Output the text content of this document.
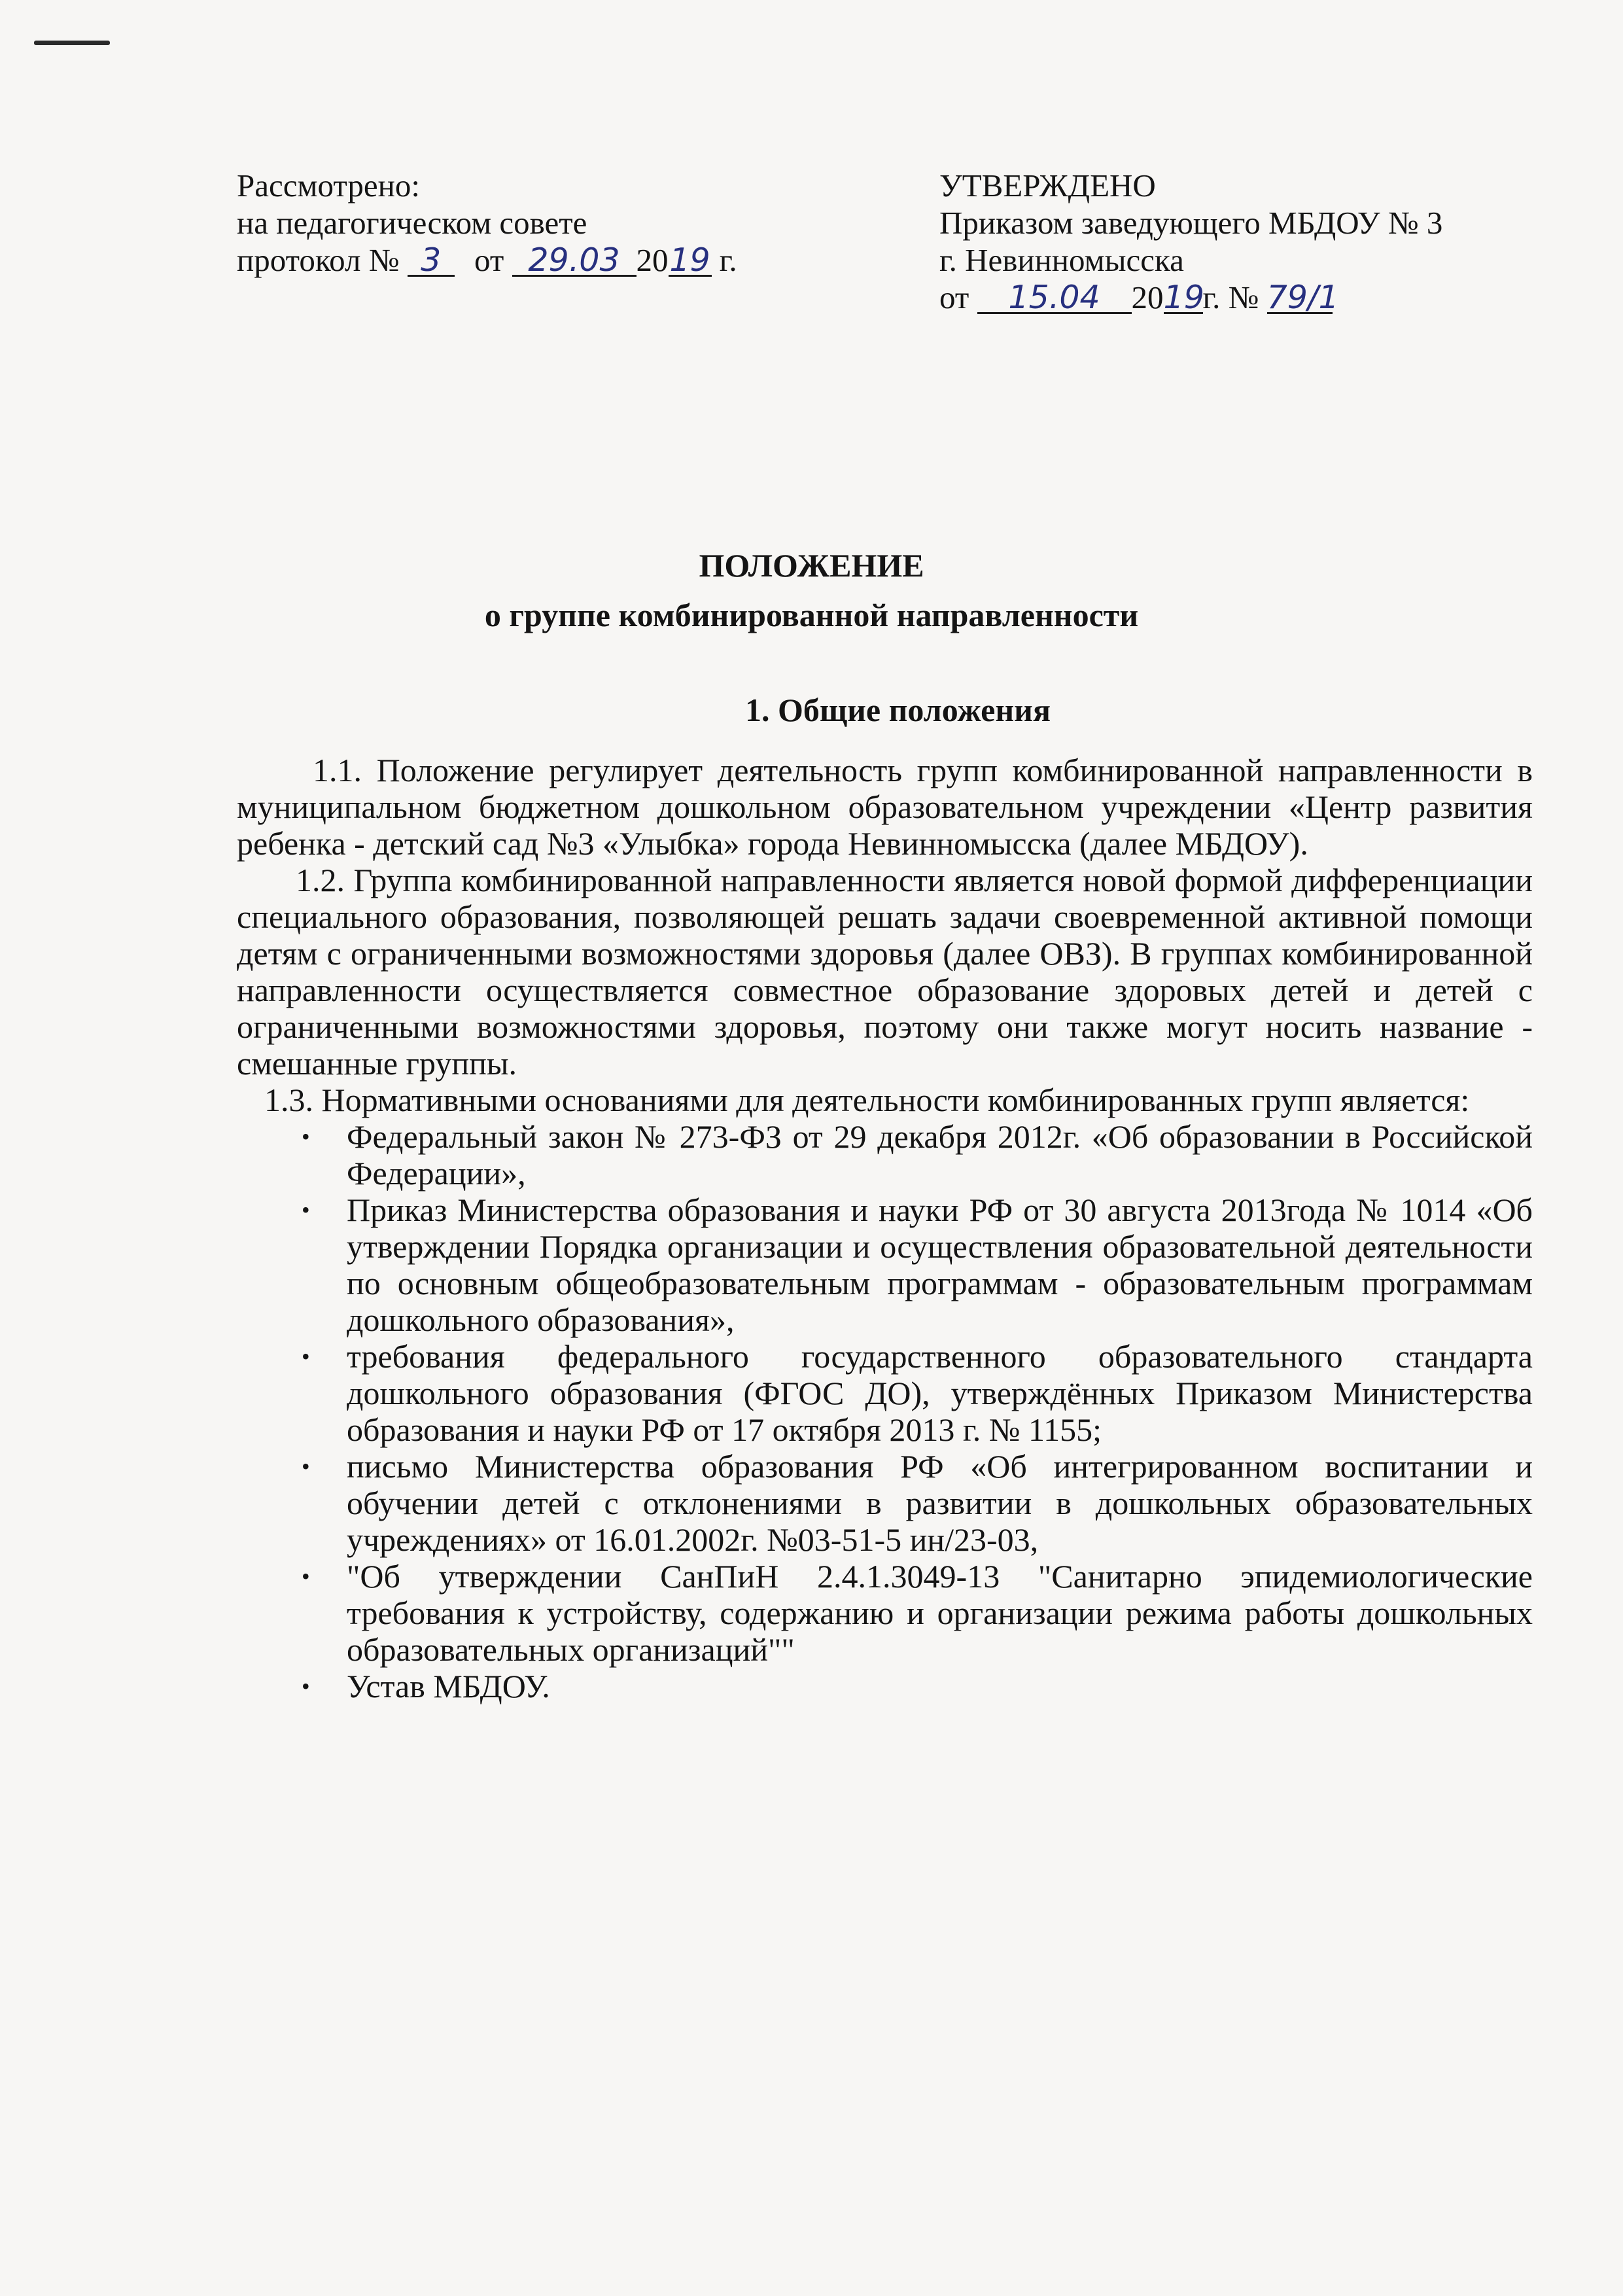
Рассмотрено:
на педагогическом совете
протокол № 3 от 29.03 2019 г.
УТВЕРЖДЕНО
Приказом заведующего МБДОУ № 3
г. Невинномысска
от 15.04 2019г. № 79/1
ПОЛОЖЕНИЕ
о группе комбинированной направленности

1. Общие положения

1.1. Положение регулирует деятельность групп комбинированной направленности в муниципальном бюджетном дошкольном образовательном учреждении «Центр развития ребенка - детский сад №3 «Улыбка» города Невинномысска (далее МБДОУ).

1.2. Группа комбинированной направленности является новой формой дифференциации специального образования, позволяющей решать задачи своевременной активной помощи детям с ограниченными возможностями здоровья (далее ОВЗ). В группах комбинированной направленности осуществляется совместное образование здоровых детей и детей с ограниченными возможностями здоровья, поэтому они также могут носить название - смешанные группы.

1.3. Нормативными основаниями для деятельности комбинированных групп является:

• Федеральный закон № 273-ФЗ от 29 декабря 2012г. «Об образовании в Российской Федерации»,
• Приказ Министерства образования и науки РФ от 30 августа 2013года № 1014 «Об утверждении Порядка организации и осуществления образовательной деятельности по основным общеобразовательным программам - образовательным программам дошкольного образования»,
• требования федерального государственного образовательного стандарта дошкольного образования (ФГОС ДО), утверждённых Приказом Министерства образования и науки РФ от 17 октября 2013 г. № 1155;
• письмо Министерства образования РФ «Об интегрированном воспитании и обучении детей с отклонениями в развитии в дошкольных образовательных учреждениях» от 16.01.2002г. №03-51-5 ин/23-03,
• "Об утверждении СанПиН 2.4.1.3049-13 "Санитарно эпидемиологические требования к устройству, содержанию и организации режима работы дошкольных образовательных организаций""
• Устав МБДОУ.
